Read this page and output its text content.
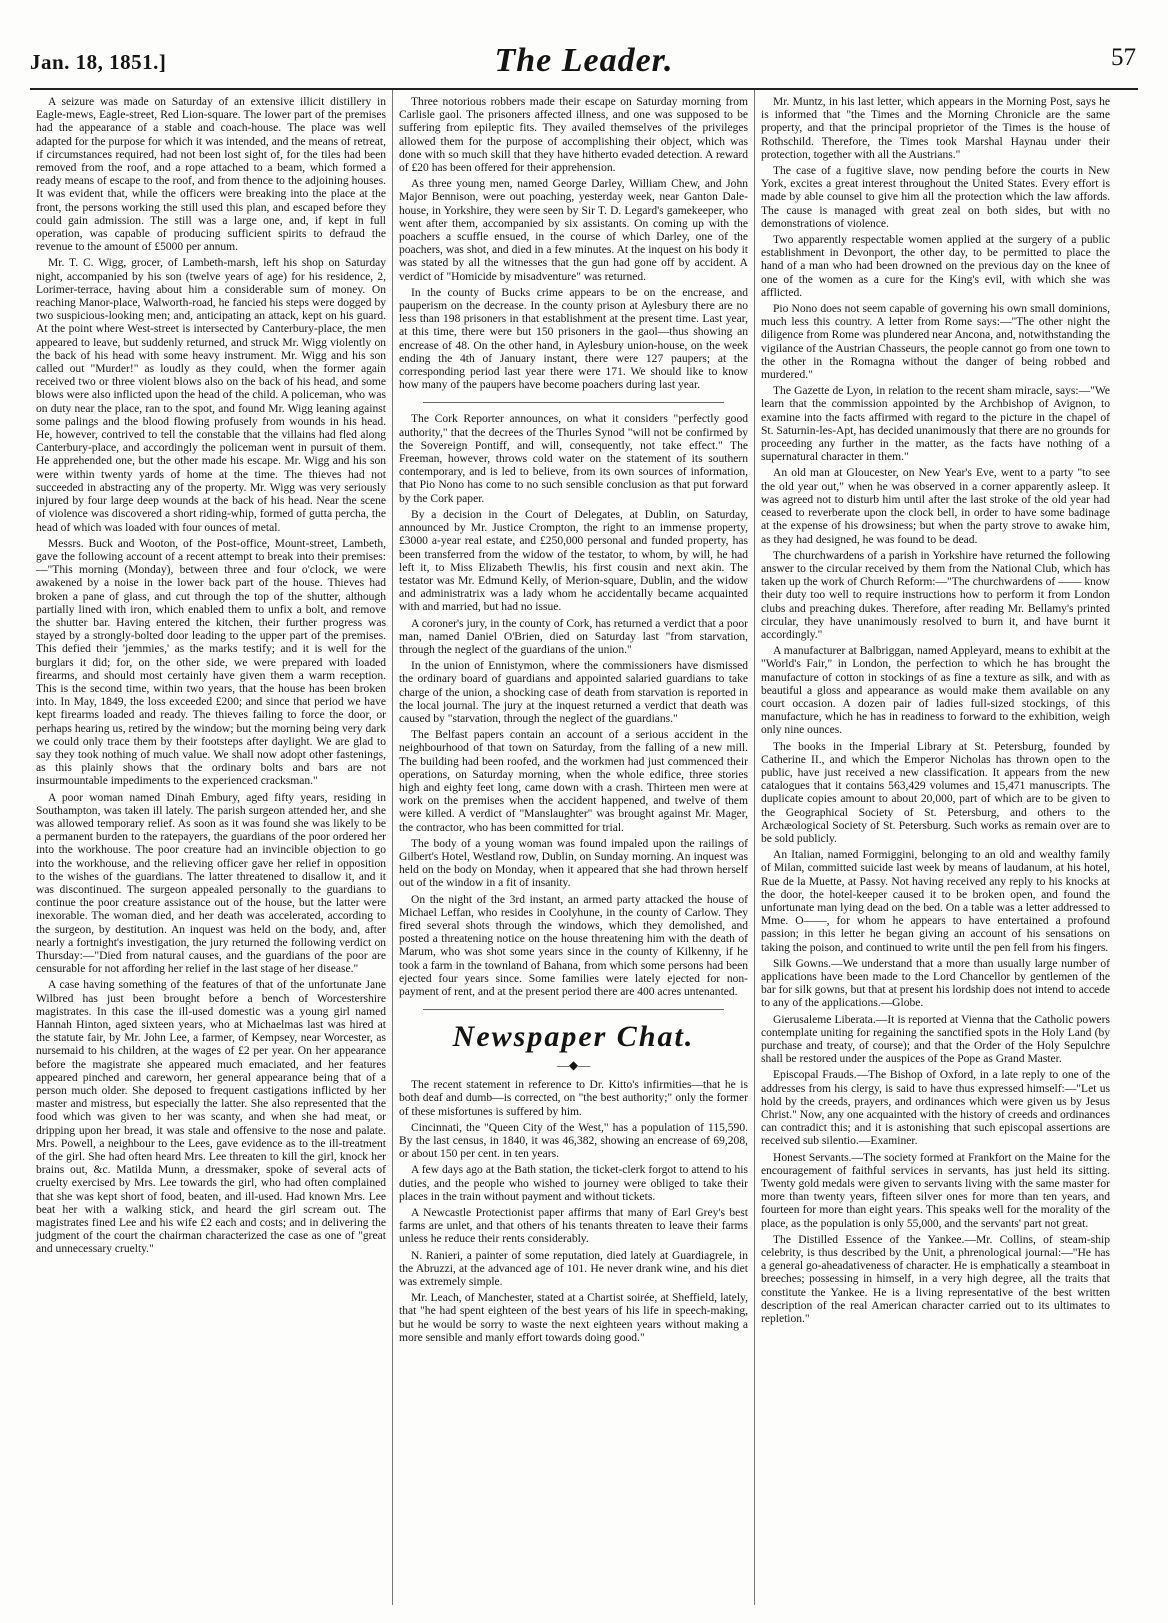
Jan. 18, 1851.]	The Leader.	57

A seizure was made on Saturday of an extensive illicit distillery in Eagle-mews, Eagle-street, Red Lion-square. The lower part of the premises had the appearance of a stable and coach-house. The place was well adapted for the purpose for which it was intended, and the means of retreat, if circumstances required, had not been lost sight of, for the tiles had been removed from the roof, and a rope attached to a beam, which formed a ready means of escape to the roof, and from thence to the adjoining houses. It was evident that, while the officers were breaking into the place at the front, the persons working the still used this plan, and escaped before they could gain admission. The still was a large one, and, if kept in full operation, was capable of producing sufficient spirits to defraud the revenue to the amount of £5000 per annum.

Mr. T. C. Wigg, grocer, of Lambeth-marsh, left his shop on Saturday night, accompanied by his son (twelve years of age) for his residence, 2, Lorimer-terrace, having about him a considerable sum of money. On reaching Manor-place, Walworth-road, he fancied his steps were dogged by two suspicious-looking men; and, anticipating an attack, kept on his guard. At the point where West-street is intersected by Canterbury-place, the men appeared to leave, but suddenly returned, and struck Mr. Wigg violently on the back of his head with some heavy instrument. Mr. Wigg and his son called out "Murder!" as loudly as they could, when the former again received two or three violent blows also on the back of his head, and some blows were also inflicted upon the head of the child. A policeman, who was on duty near the place, ran to the spot, and found Mr. Wigg leaning against some palings and the blood flowing profusely from wounds in his head. He, however, contrived to tell the constable that the villains had fled along Canterbury-place, and accordingly the policeman went in pursuit of them. He apprehended one, but the other made his escape. Mr. Wigg and his son were within twenty yards of home at the time. The thieves had not succeeded in abstracting any of the property. Mr. Wigg was very seriously injured by four large deep wounds at the back of his head. Near the scene of violence was discovered a short riding-whip, formed of gutta percha, the head of which was loaded with four ounces of metal.

Messrs. Buck and Wooton, of the Post-office, Mount-street, Lambeth, gave the following account of a recent attempt to break into their premises:—"This morning (Monday), between three and four o'clock, we were awakened by a noise in the lower back part of the house. Thieves had broken a pane of glass, and cut through the top of the shutter, although partially lined with iron, which enabled them to unfix a bolt, and remove the shutter bar. Having entered the kitchen, their further progress was stayed by a strongly-bolted door leading to the upper part of the premises. This defied their 'jemmies,' as the marks testify; and it is well for the burglars it did; for, on the other side, we were prepared with loaded firearms, and should most certainly have given them a warm reception. This is the second time, within two years, that the house has been broken into. In May, 1849, the loss exceeded £200; and since that period we have kept firearms loaded and ready. The thieves failing to force the door, or perhaps hearing us, retired by the window; but the morning being very dark we could only trace them by their footsteps after daylight. We are glad to say they took nothing of much value. We shall now adopt other fastenings, as this plainly shows that the ordinary bolts and bars are not insurmountable impediments to the experienced cracksman."

A poor woman named Dinah Embury, aged fifty years, residing in Southampton, was taken ill lately. The parish surgeon attended her, and she was allowed temporary relief. As soon as it was found she was likely to be a permanent burden to the ratepayers, the guardians of the poor ordered her into the workhouse. The poor creature had an invincible objection to go into the workhouse, and the relieving officer gave her relief in opposition to the wishes of the guardians. The latter threatened to disallow it, and it was discontinued. The surgeon appealed personally to the guardians to continue the poor creature assistance out of the house, but the latter were inexorable. The woman died, and her death was accelerated, according to the surgeon, by destitution. An inquest was held on the body, and, after nearly a fortnight's investigation, the jury returned the following verdict on Thursday:—"Died from natural causes, and the guardians of the poor are censurable for not affording her relief in the last stage of her disease."

A case having something of the features of that of the unfortunate Jane Wilbred has just been brought before a bench of Worcestershire magistrates. In this case the ill-used domestic was a young girl named Hannah Hinton, aged sixteen years, who at Michaelmas last was hired at the statute fair, by Mr. John Lee, a farmer, of Kempsey, near Worcester, as nursemaid to his children, at the wages of £2 per year. On her appearance before the magistrate she appeared much emaciated, and her features appeared pinched and careworn, her general appearance being that of a person much older. She deposed to frequent castigations inflicted by her master and mistress, but especially the latter. She also represented that the food which was given to her was scanty, and when she had meat, or dripping upon her bread, it was stale and offensive to the nose and palate. Mrs. Powell, a neighbour to the Lees, gave evidence as to the ill-treatment of the girl. She had often heard Mrs. Lee threaten to kill the girl, knock her brains out, &c. Matilda Munn, a dressmaker, spoke of several acts of cruelty exercised by Mrs. Lee towards the girl, who had often complained that she was kept short of food, beaten, and ill-used. Had known Mrs. Lee beat her with a walking stick, and heard the girl scream out. The magistrates fined Lee and his wife £2 each and costs; and in delivering the judgment of the court the chairman characterized the case as one of "great and unnecessary cruelty."

Three notorious robbers made their escape on Saturday morning from Carlisle gaol. The prisoners affected illness, and one was supposed to be suffering from epileptic fits. They availed themselves of the privileges allowed them for the purpose of accomplishing their object, which was done with so much skill that they have hitherto evaded detection. A reward of £20 has been offered for their apprehension.

As three young men, named George Darley, William Chew, and John Major Bennison, were out poaching, yesterday week, near Ganton Dale-house, in Yorkshire, they were seen by Sir T. D. Legard's gamekeeper, who went after them, accompanied by six assistants. On coming up with the poachers a scuffle ensued, in the course of which Darley, one of the poachers, was shot, and died in a few minutes. At the inquest on his body it was stated by all the witnesses that the gun had gone off by accident. A verdict of "Homicide by misadventure" was returned.

In the county of Bucks crime appears to be on the encrease, and pauperism on the decrease. In the county prison at Aylesbury there are no less than 198 prisoners in that establishment at the present time. Last year, at this time, there were but 150 prisoners in the gaol—thus showing an encrease of 48. On the other hand, in Aylesbury union-house, on the week ending the 4th of January instant, there were 127 paupers; at the corresponding period last year there were 171. We should like to know how many of the paupers have become poachers during last year.

The Cork Reporter announces, on what it considers "perfectly good authority," that the decrees of the Thurles Synod "will not be confirmed by the Sovereign Pontiff, and will, consequently, not take effect." The Freeman, however, throws cold water on the statement of its southern contemporary, and is led to believe, from its own sources of information, that Pio Nono has come to no such sensible conclusion as that put forward by the Cork paper.

By a decision in the Court of Delegates, at Dublin, on Saturday, announced by Mr. Justice Crompton, the right to an immense property, £3000 a-year real estate, and £250,000 personal and funded property, has been transferred from the widow of the testator, to whom, by will, he had left it, to Miss Elizabeth Thewlis, his first cousin and next akin. The testator was Mr. Edmund Kelly, of Merion-square, Dublin, and the widow and administratrix was a lady whom he accidentally became acquainted with and married, but had no issue.

A coroner's jury, in the county of Cork, has returned a verdict that a poor man, named Daniel O'Brien, died on Saturday last "from starvation, through the neglect of the guardians of the union."

In the union of Ennistymon, where the commissioners have dismissed the ordinary board of guardians and appointed salaried guardians to take charge of the union, a shocking case of death from starvation is reported in the local journal. The jury at the inquest returned a verdict that death was caused by "starvation, through the neglect of the guardians."

The Belfast papers contain an account of a serious accident in the neighbourhood of that town on Saturday, from the falling of a new mill. The building had been roofed, and the workmen had just commenced their operations, on Saturday morning, when the whole edifice, three stories high and eighty feet long, came down with a crash. Thirteen men were at work on the premises when the accident happened, and twelve of them were killed. A verdict of "Manslaughter" was brought against Mr. Mager, the contractor, who has been committed for trial.

The body of a young woman was found impaled upon the railings of Gilbert's Hotel, Westland row, Dublin, on Sunday morning. An inquest was held on the body on Monday, when it appeared that she had thrown herself out of the window in a fit of insanity.

On the night of the 3rd instant, an armed party attacked the house of Michael Leffan, who resides in Coolyhune, in the county of Carlow. They fired several shots through the windows, which they demolished, and posted a threatening notice on the house threatening him with the death of Marum, who was shot some years since in the county of Kilkenny, if he took a farm in the townland of Bahana, from which some persons had been ejected four years since. Some families were lately ejected for non-payment of rent, and at the present period there are 400 acres untenanted.

Newspaper Chat.
—◆—

The recent statement in reference to Dr. Kitto's infirmities—that he is both deaf and dumb—is corrected, on "the best authority;" only the former of these misfortunes is suffered by him.

Cincinnati, the "Queen City of the West," has a population of 115,590. By the last census, in 1840, it was 46,382, showing an encrease of 69,208, or about 150 per cent. in ten years.

A few days ago at the Bath station, the ticket-clerk forgot to attend to his duties, and the people who wished to journey were obliged to take their places in the train without payment and without tickets.

A Newcastle Protectionist paper affirms that many of Earl Grey's best farms are unlet, and that others of his tenants threaten to leave their farms unless he reduce their rents considerably.

N. Ranieri, a painter of some reputation, died lately at Guardiagrele, in the Abruzzi, at the advanced age of 101. He never drank wine, and his diet was extremely simple.

Mr. Leach, of Manchester, stated at a Chartist soirée, at Sheffield, lately, that "he had spent eighteen of the best years of his life in speech-making, but he would be sorry to waste the next eighteen years without making a more sensible and manly effort towards doing good."

Mr. Muntz, in his last letter, which appears in the Morning Post, says he is informed that "the Times and the Morning Chronicle are the same property, and that the principal proprietor of the Times is the house of Rothschild. Therefore, the Times took Marshal Haynau under their protection, together with all the Austrians."

The case of a fugitive slave, now pending before the courts in New York, excites a great interest throughout the United States. Every effort is made by able counsel to give him all the protection which the law affords. The cause is managed with great zeal on both sides, but with no demonstrations of violence.

Two apparently respectable women applied at the surgery of a public establishment in Devonport, the other day, to be permitted to place the hand of a man who had been drowned on the previous day on the knee of one of the women as a cure for the King's evil, with which she was afflicted.

Pio Nono does not seem capable of governing his own small dominions, much less this country. A letter from Rome says:—"The other night the diligence from Rome was plundered near Ancona, and, notwithstanding the vigilance of the Austrian Chasseurs, the people cannot go from one town to the other in the Romagna without the danger of being robbed and murdered."

The Gazette de Lyon, in relation to the recent sham miracle, says:—"We learn that the commission appointed by the Archbishop of Avignon, to examine into the facts affirmed with regard to the picture in the chapel of St. Saturnin-les-Apt, has decided unanimously that there are no grounds for proceeding any further in the matter, as the facts have nothing of a supernatural character in them."

An old man at Gloucester, on New Year's Eve, went to a party "to see the old year out," when he was observed in a corner apparently asleep. It was agreed not to disturb him until after the last stroke of the old year had ceased to reverberate upon the clock bell, in order to have some badinage at the expense of his drowsiness; but when the party strove to awake him, as they had designed, he was found to be dead.

The churchwardens of a parish in Yorkshire have returned the following answer to the circular received by them from the National Club, which has taken up the work of Church Reform:—"The churchwardens of —— know their duty too well to require instructions how to perform it from London clubs and preaching dukes. Therefore, after reading Mr. Bellamy's printed circular, they have unanimously resolved to burn it, and have burnt it accordingly."

A manufacturer at Balbriggan, named Appleyard, means to exhibit at the "World's Fair," in London, the perfection to which he has brought the manufacture of cotton in stockings of as fine a texture as silk, and with as beautiful a gloss and appearance as would make them available on any court occasion. A dozen pair of ladies full-sized stockings, of this manufacture, which he has in readiness to forward to the exhibition, weigh only nine ounces.

The books in the Imperial Library at St. Petersburg, founded by Catherine II., and which the Emperor Nicholas has thrown open to the public, have just received a new classification. It appears from the new catalogues that it contains 563,429 volumes and 15,471 manuscripts. The duplicate copies amount to about 20,000, part of which are to be given to the Geographical Society of St. Petersburg, and others to the Archæological Society of St. Petersburg. Such works as remain over are to be sold publicly.

An Italian, named Formiggini, belonging to an old and wealthy family of Milan, committed suicide last week by means of laudanum, at his hotel, Rue de la Muette, at Passy. Not having received any reply to his knocks at the door, the hotel-keeper caused it to be broken open, and found the unfortunate man lying dead on the bed. On a table was a letter addressed to Mme. O——, for whom he appears to have entertained a profound passion; in this letter he began giving an account of his sensations on taking the poison, and continued to write until the pen fell from his fingers.

Silk Gowns.—We understand that a more than usually large number of applications have been made to the Lord Chancellor by gentlemen of the bar for silk gowns, but that at present his lordship does not intend to accede to any of the applications.—Globe.

Gierusaleme Liberata.—It is reported at Vienna that the Catholic powers contemplate uniting for regaining the sanctified spots in the Holy Land (by purchase and treaty, of course); and that the Order of the Holy Sepulchre shall be restored under the auspices of the Pope as Grand Master.

Episcopal Frauds.—The Bishop of Oxford, in a late reply to one of the addresses from his clergy, is said to have thus expressed himself:—"Let us hold by the creeds, prayers, and ordinances which were given us by Jesus Christ." Now, any one acquainted with the history of creeds and ordinances can contradict this; and it is astonishing that such episcopal assertions are received sub silentio.—Examiner.

Honest Servants.—The society formed at Frankfort on the Maine for the encouragement of faithful services in servants, has just held its sitting. Twenty gold medals were given to servants living with the same master for more than twenty years, fifteen silver ones for more than ten years, and fourteen for more than eight years. This speaks well for the morality of the place, as the population is only 55,000, and the servants' part not great.

The Distilled Essence of the Yankee.—Mr. Collins, of steam-ship celebrity, is thus described by the Unit, a phrenological journal:—"He has a general go-aheadativeness of character. He is emphatically a steamboat in breeches; possessing in himself, in a very high degree, all the traits that constitute the Yankee. He is a living representative of the best written description of the real American character carried out to its ultimates to repletion."
